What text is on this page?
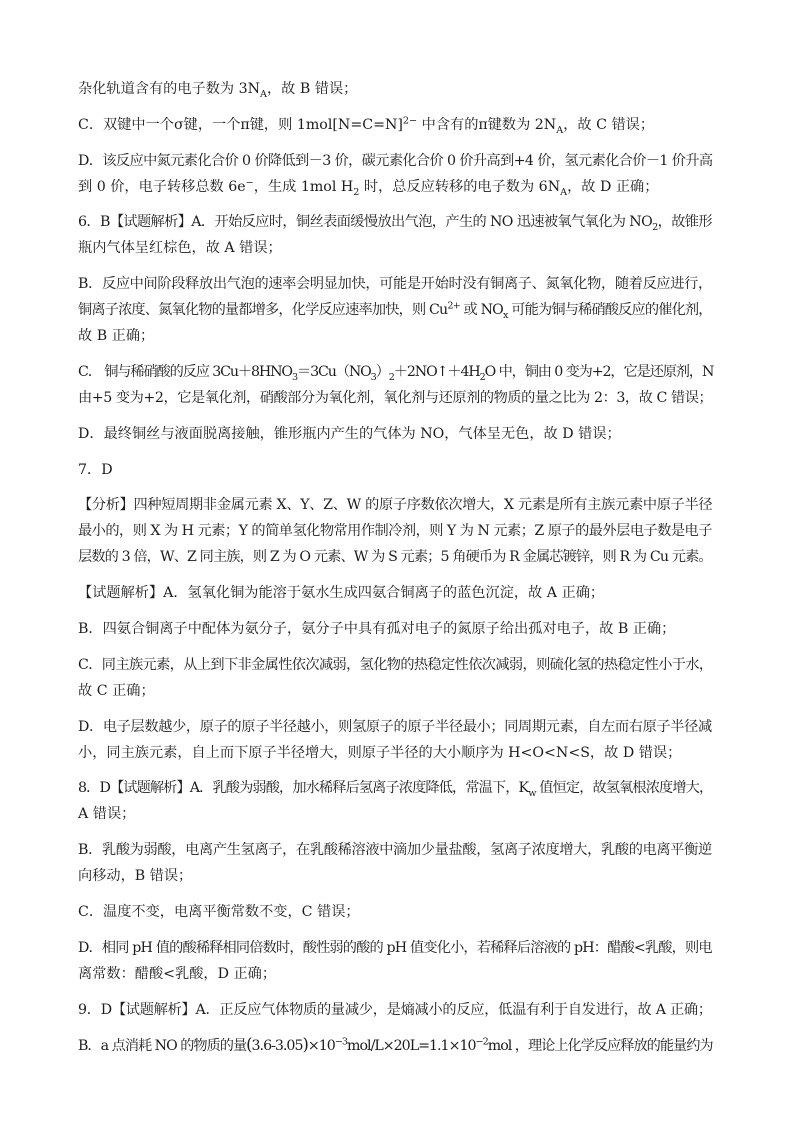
杂化轨道含有的电子数为 $3N_A$，故 B 错误；
C．双键中一个σ键，一个π键，则 1mol[N=C=N]$^{2-}$ 中含有的π键数为 $2N_A$，故 C 错误；
D．该反应中氮元素化合价 0 价降低到－3 价，碳元素化合价 0 价升高到+4 价，氢元素化合价－1 价升高
到 0 价，电子转移总数 6e−，生成 1mol $H_2$ 时，总反应转移的电子数为 $6N_A$，故 D 正确；
6．B【试题解析】A．开始反应时，铜丝表面缓慢放出气泡，产生的 NO 迅速被氧气氧化为 $NO_2$，故锥形
瓶内气体呈红棕色，故 A 错误；
B．反应中间阶段释放出气泡的速率会明显加快，可能是开始时没有铜离子、氮氧化物，随着反应进行，
铜离子浓度、氮氧化物的量都增多，化学反应速率加快，则 $Cu^{2+}$ 或 $NO_x$ 可能为铜与稀硝酸反应的催化剂，
故 B 正确；
C． 铜与稀硝酸的反应 $3Cu+8HNO_3=3Cu(NO_3)_2+2NO↑+4H_2O$ 中，铜由 0 变为+2，它是还原剂，N
由+5 变为+2，它是氧化剂，硝酸部分为氧化剂，氧化剂与还原剂的物质的量之比为 2：3，故 C 错误；
D．最终铜丝与液面脱离接触，锥形瓶内产生的气体为 NO，气体呈无色，故 D 错误；
7．D
【分析】四种短周期非金属元素 X、Y、Z、W 的原子序数依次增大，X 元素是所有主族元素中原子半径
最小的，则 X 为 H 元素；Y 的简单氢化物常用作制冷剂，则 Y 为 N 元素；Z 原子的最外层电子数是电子
层数的 3 倍，W、Z 同主族，则 Z 为 O 元素、W 为 S 元素；5 角硬币为 R 金属芯镀锌，则 R 为 Cu 元素。
【试题解析】A．氢氧化铜为能溶于氨水生成四氨合铜离子的蓝色沉淀，故 A 正确；
B．四氨合铜离子中配体为氨分子，氨分子中具有孤对电子的氮原子给出孤对电子，故 B 正确；
C．同主族元素，从上到下非金属性依次减弱，氢化物的热稳定性依次减弱，则硫化氢的热稳定性小于水，
故 C 正确；
D．电子层数越少，原子的原子半径越小，则氢原子的原子半径最小；同周期元素，自左而右原子半径减
小，同主族元素，自上而下原子半径增大，则原子半径的大小顺序为 H<O<N<S，故 D 错误；
8．D【试题解析】A．乳酸为弱酸，加水稀释后氢离子浓度降低，常温下，$K_w$ 值恒定，故氢氧根浓度增大，
A 错误；
B．乳酸为弱酸，电离产生氢离子，在乳酸稀溶液中滴加少量盐酸，氢离子浓度增大，乳酸的电离平衡逆
向移动，B 错误；
C．温度不变，电离平衡常数不变，C 错误；
D．相同 pH 值的酸稀释相同倍数时，酸性弱的酸的 pH 值变化小，若稀释后溶液的 pH：醋酸<乳酸，则电
离常数：醋酸<乳酸，D 正确；
9．D【试题解析】A．正反应气体物质的量减少，是熵减小的反应，低温有利于自发进行，故 A 正确；
B．a 点消耗 NO 的物质的量$(3.6-3.05)\times 10^{-3}mol/L\times 20L=1.1\times 10^{-2}mol$ ，理论上化学反应释放的能量约为
